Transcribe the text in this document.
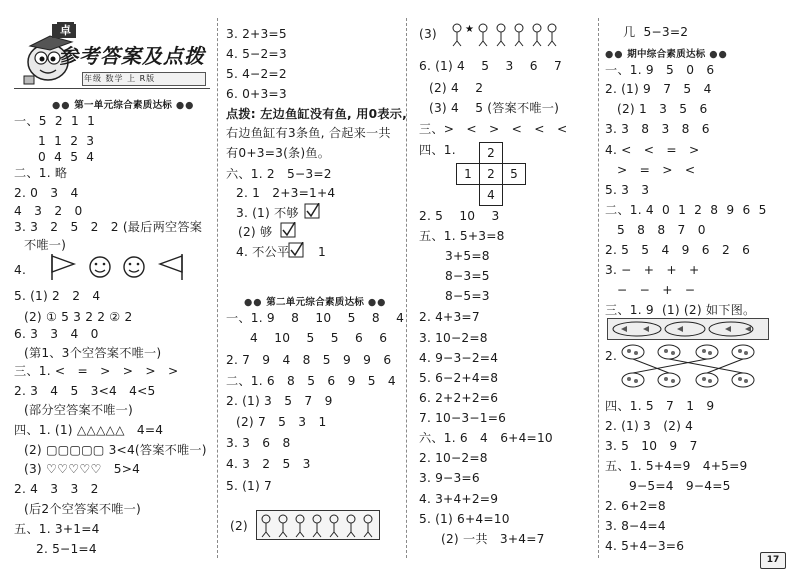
卓
参考答案及点拨
年级 数学 上 R版
●● 第一单元综合素质达标 ●●
一、5  2  1  1
1  1  2  3
0  4  5  4
二、1. 略
2. 0   3   4
4   3   2   0
3. 3   2   5   2   2 (最后两空答案
不唯一)
4.
5. (1) 2   2   4
(2) ① 5 3 2 2 ② 2
6. 3   3   4   0
(第1、3个空答案不唯一)
三、1. <   =   >   >   >   >
2. 3   4   5   3<4   4<5
(部分空答案不唯一)
四、1. (1) △△△△△   4=4
(2) ▢▢▢▢▢ 3<4(答案不唯一)
(3) ♡♡♡♡♡   5>4
2. 4   3   3   2
(后2个空答案不唯一)
五、1. 3+1=4
2. 5−1=4
3. 2+3=5
4. 5−2=3
5. 4−2=2
6. 0+3=3
点拨: 左边鱼缸没有鱼, 用0表示,
右边鱼缸有3条鱼, 合起来一共
有0+3=3(条)鱼。
六、1. 2   5−3=2
2. 1   2+3=1+4
3. (1) 不够
(2) 够
4. 不公平 1
●● 第二单元综合素质达标 ●●
一、1. 9    8    10    5    8    4
4    10    5    5    6    6
2. 7   9   4   8   5   9   9   6
二、1. 6   8   5   6   9   5   4
2. (1) 3   5   7   9
(2) 7   5   3   1
3. 3   6   8
4. 3   2   5   3
5. (1) 7
(2)
(3)	★
6. (1) 4    5    3    6    7
(2) 4    2
(3) 4    5 (答案不唯一)
三、>   <   >   <   <   <
四、1.	2
1	2	5
4
2. 5    10    3
五、1. 5+3=8
3+5=8
8−3=5
8−5=3
2. 4+3=7
3. 10−2=8
4. 9−3−2=4
5. 6−2+4=8
6. 2+2+2=6
7. 10−3−1=6
六、1. 6   4   6+4=10
2. 10−2=8
3. 9−3=6
4. 3+4+2=9
5. (1) 6+4=10
(2) 一共   3+4=7
几  5−3=2
●● 期中综合素质达标 ●●
一、1. 9   5   0   6
2. (1) 9   7   5   4
(2) 1   3   5   6
3. 3   8   3   8   6
4. <   <   =   >
>   =   >   <
5. 3   3
二、1. 4  0  1  2  8  9  6  5
5   8   8   7   0
2. 5   5   4   9   6   2   6
3. −   +   +   +
−   −   +   −
三、1. 9  (1) (2) 如下图。
2.
四、1. 5   7   1   9
2. (1) 3   (2) 4
3. 5   10   9   7
五、1. 5+4=9   4+5=9
9−5=4   9−4=5
2. 6+2=8
3. 8−4=4
4. 5+4−3=6
17
